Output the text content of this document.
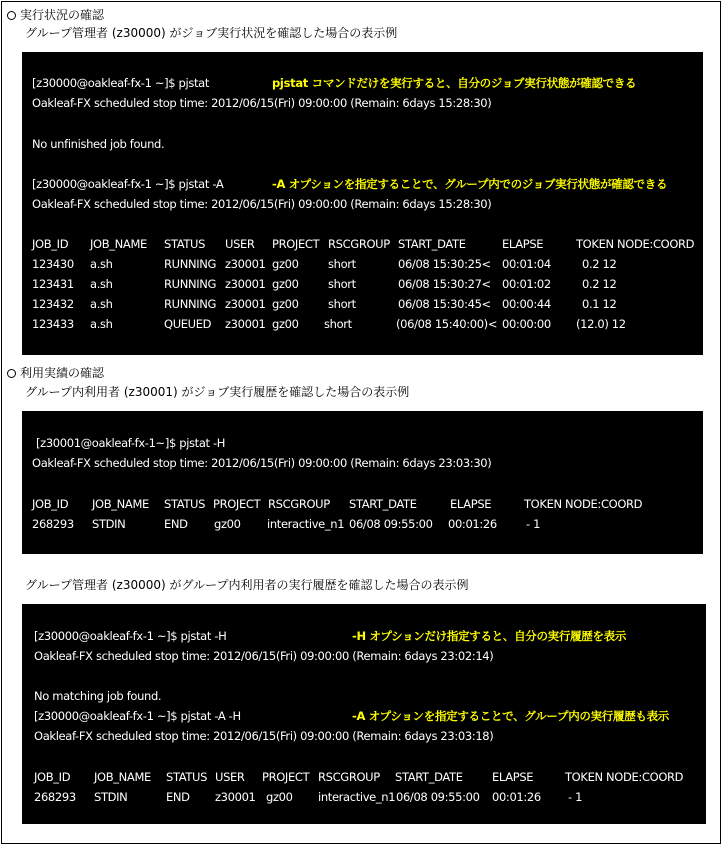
実行状況の確認
グループ管理者 (z30000) がジョブ実行状況を確認した場合の表示例
[z30000@oakleaf-fx-1 ~]$ pjstat	pjstat コマンドだけを実行すると、自分のジョブ実行状態が確認できる
Oakleaf-FX scheduled stop time: 2012/06/15(Fri) 09:00:00 (Remain: 6days 15:28:30)
No unfinished job found.
[z30000@oakleaf-fx-1 ~]$ pjstat -A	-A オプションを指定することで、グループ内でのジョブ実行状態が確認できる
Oakleaf-FX scheduled stop time: 2012/06/15(Fri) 09:00:00 (Remain: 6days 15:28:30)
JOB_ID JOB_NAME STATUS USER PROJECT RSCGROUP START_DATE	ELAPSE	TOKEN NODE:COORD
123430 a.sh	RUNNING z30001 gz00	short	06/08 15:30:25< 00:01:04	0.2 12
123431 a.sh	RUNNING z30001 gz00	short	06/08 15:30:27< 00:01:02	0.2 12
123432 a.sh	RUNNING z30001 gz00	short	06/08 15:30:45< 00:00:44	0.1 12
123433 a.sh	QUEUED z30001 gz00 short	(06/08 15:40:00)< 00:00:00 (12.0) 12
利用実績の確認
グループ内利用者 (z30001) がジョブ実行履歴を確認した場合の表示例
[z30001@oakleaf-fx-1~]$ pjstat -H
Oakleaf-FX scheduled stop time: 2012/06/15(Fri) 09:00:00 (Remain: 6days 23:03:30)
JOB_ID JOB_NAME STATUS PROJECT RSCGROUP START_DATE	ELAPSE	TOKEN NODE:COORD
268293 STDIN	END gz00 interactive_n1 06/08 09:55:00 00:01:26	- 1
グループ管理者 (z30000) がグループ内利用者の実行履歴を確認した場合の表示例
[z30000@oakleaf-fx-1 ~]$ pjstat -H	-H オプションだけ指定すると、自分の実行履歴を表示
Oakleaf-FX scheduled stop time: 2012/06/15(Fri) 09:00:00 (Remain: 6days 23:02:14)
No matching job found.
[z30000@oakleaf-fx-1 ~]$ pjstat -A -H	-A オプションを指定することで、グループ内の実行履歴も表示
Oakleaf-FX scheduled stop time: 2012/06/15(Fri) 09:00:00 (Remain: 6days 23:03:18)
JOB_ID JOB_NAME STATUS USER PROJECT RSCGROUP START_DATE	ELAPSE	TOKEN NODE:COORD
268293 STDIN	END z30001 gz00 interactive_n1 06/08 09:55:00 00:01:26 - 1
